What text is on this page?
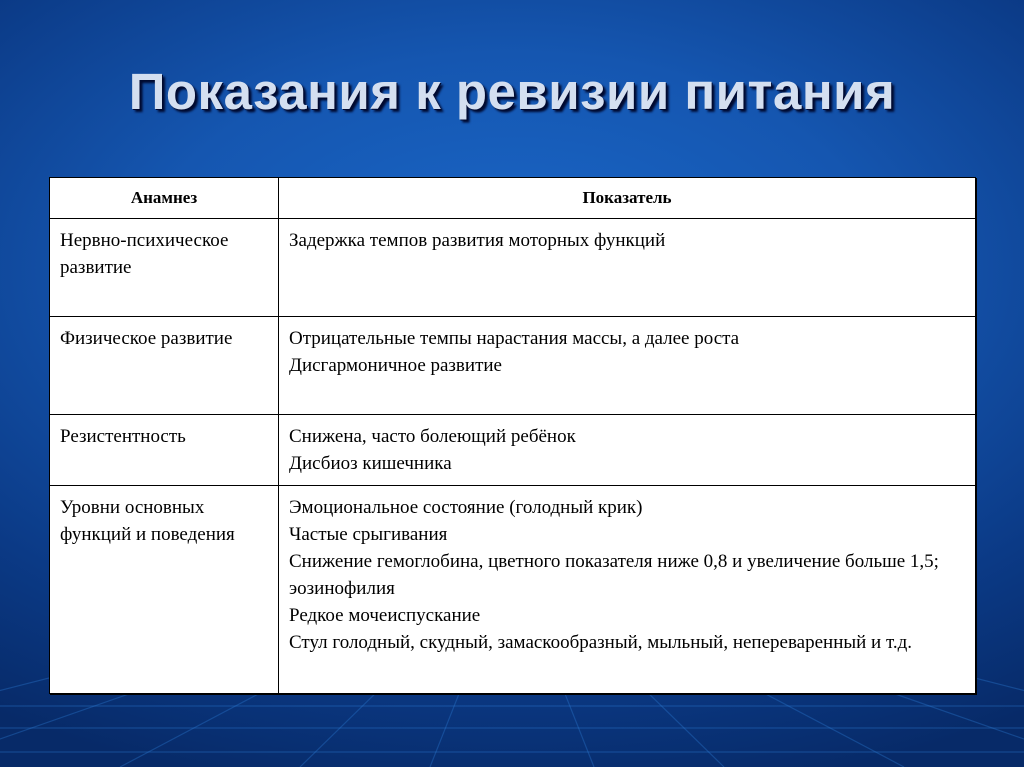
Показания к ревизии питания
Анамнез	Показатель
Нервно-психическое развитие	Задержка темпов развития моторных функций

Физическое развитие	Отрицательные темпы нарастания массы, а далее роста
Дисгармоничное развитие

Резистентность	Снижена, часто болеющий ребёнок
Дисбиоз кишечника

Уровни основных функций и поведения	Эмоциональное состояние (голодный крик)
Частые срыгивания
Снижение гемоглобина, цветного показателя ниже 0,8 и увеличение больше 1,5; эозинофилия
Редкое мочеиспускание
Стул голодный, скудный, замаскообразный, мыльный, непереваренный и т.д.
